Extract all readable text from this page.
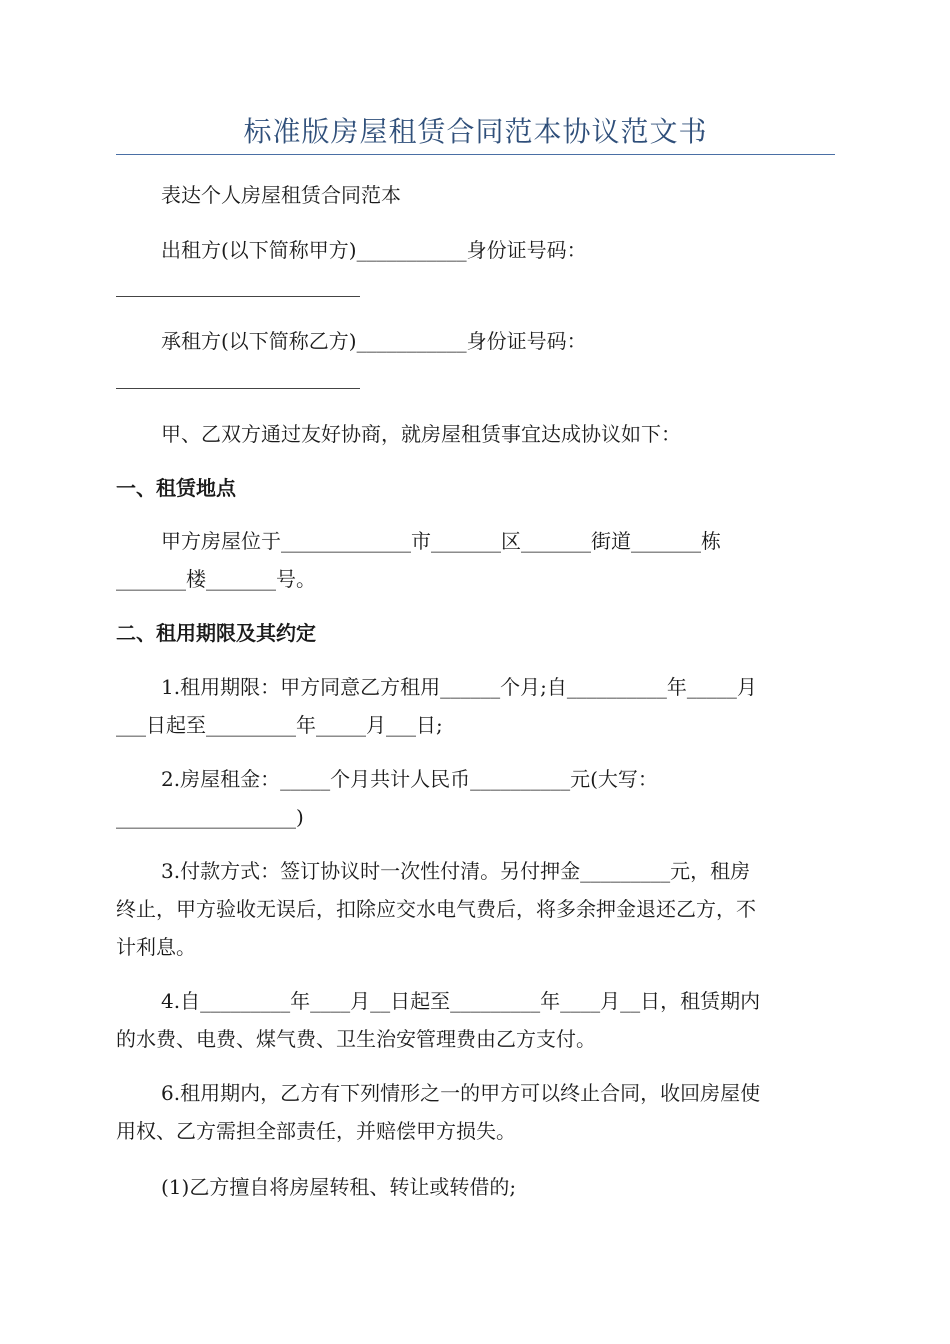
标准版房屋租赁合同范本协议范文书
表达个人房屋租赁合同范本
出租方(以下简称甲方)___________身份证号码：
承租方(以下简称乙方)___________身份证号码：
甲、乙双方通过友好协商，就房屋租赁事宜达成协议如下：
一、租赁地点
甲方房屋位于_____________市_______区_______街道_______栋
_______楼_______号。
二、租用期限及其约定
1.租用期限：甲方同意乙方租用______个月;自__________年_____月
___日起至_________年_____月___日;
2.房屋租金：_____个月共计人民币__________元(大写：
__________________)
3.付款方式：签订协议时一次性付清。另付押金_________元，租房
终止，甲方验收无误后，扣除应交水电气费后，将多余押金退还乙方，不
计利息。
4.自_________年____月__日起至_________年____月__日，租赁期内
的水费、电费、煤气费、卫生治安管理费由乙方支付。
6.租用期内，乙方有下列情形之一的甲方可以终止合同，收回房屋使
用权、乙方需担全部责任，并赔偿甲方损失。
(1)乙方擅自将房屋转租、转让或转借的;
